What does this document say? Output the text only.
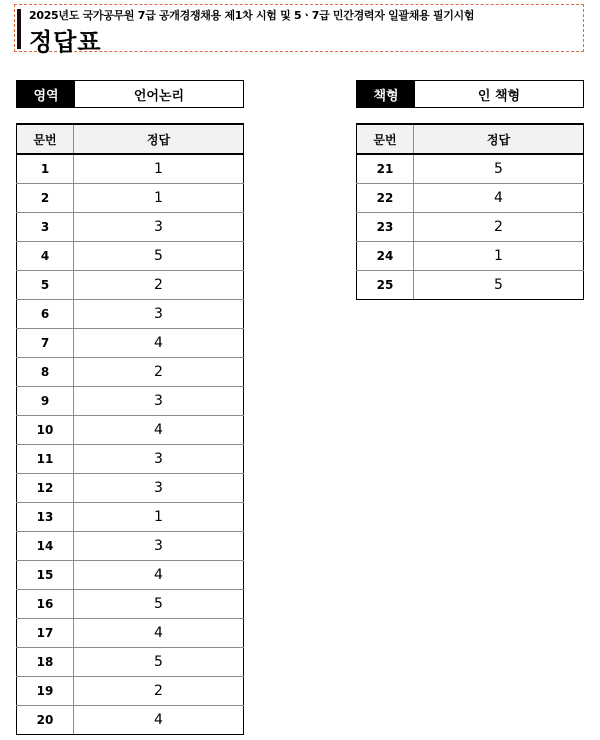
2025년도 국가공무원 7급 공개경쟁채용 제1차 시험 및 5ㆍ7급 민간경력자 일괄채용 필기시험
정답표
영역	언어논리	책형	인 책형
문번	정답
1	1
2	1
3	3
4	5
5	2
6	3
7	4
8	2
9	3
10	4
11	3
12	3
13	1
14	3
15	4
16	5
17	4
18	5
19	2
20	4
문번	정답
21	5
22	4
23	2
24	1
25	5
